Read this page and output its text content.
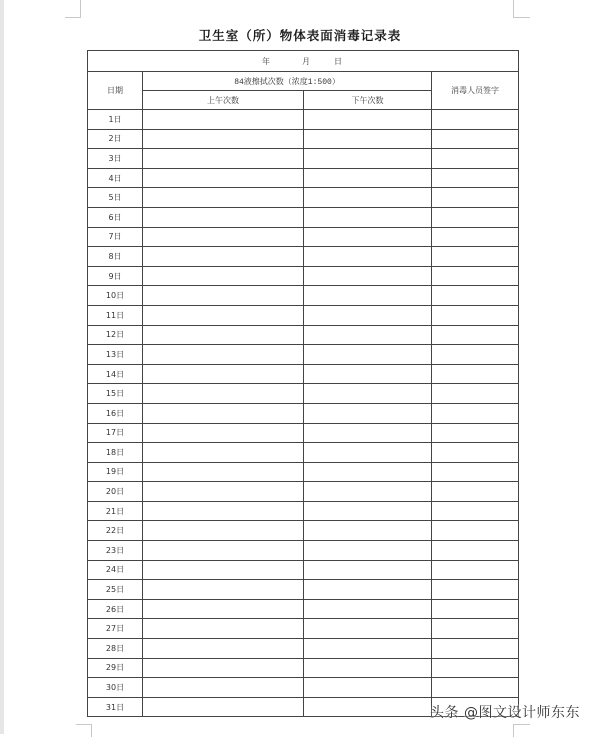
卫生室（所）物体表面消毒记录表
年 月 日			
日期	84液擦拭次数（浓度1:500）		消毒人员签字
	上午次数	下午次数	
1日			
2日			
3日			
4日			
5日			
6日			
7日			
8日			
9日			
10日			
11日			
12日			
13日			
14日			
15日			
16日			
17日			
18日			
19日			
20日			
21日			
22日			
23日			
24日			
25日			
26日			
27日			
28日			
29日			
30日			
31日				头条 @图文设计师东东
